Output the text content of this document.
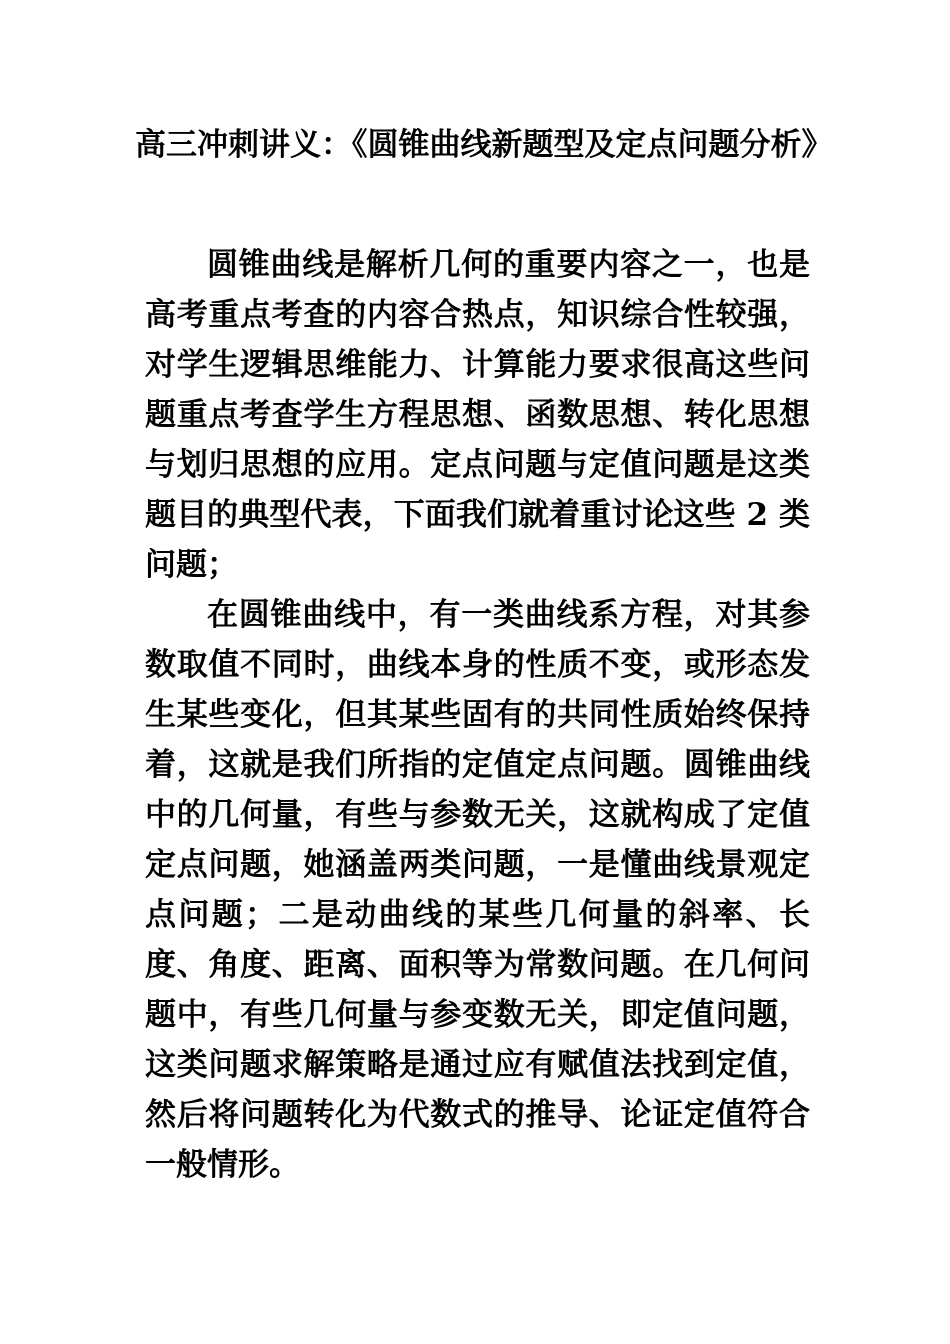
高三冲刺讲义：《圆锥曲线新题型及定点问题分析》

圆锥曲线是解析几何的重要内容之一，也是高考重点考查的内容合热点，知识综合性较强，对学生逻辑思维能力、计算能力要求很高这些问题重点考查学生方程思想、函数思想、转化思想与划归思想的应用。定点问题与定值问题是这类题目的典型代表，下面我们就着重讨论这些 2 类问题；

在圆锥曲线中，有一类曲线系方程，对其参数取值不同时，曲线本身的性质不变，或形态发生某些变化，但其某些固有的共同性质始终保持着，这就是我们所指的定值定点问题。圆锥曲线中的几何量，有些与参数无关，这就构成了定值定点问题，她涵盖两类问题，一是懂曲线景观定点问题；二是动曲线的某些几何量的斜率、长度、角度、距离、面积等为常数问题。在几何问题中，有些几何量与参变数无关，即定值问题，这类问题求解策略是通过应有赋值法找到定值，然后将问题转化为代数式的推导、论证定值符合一般情形。
